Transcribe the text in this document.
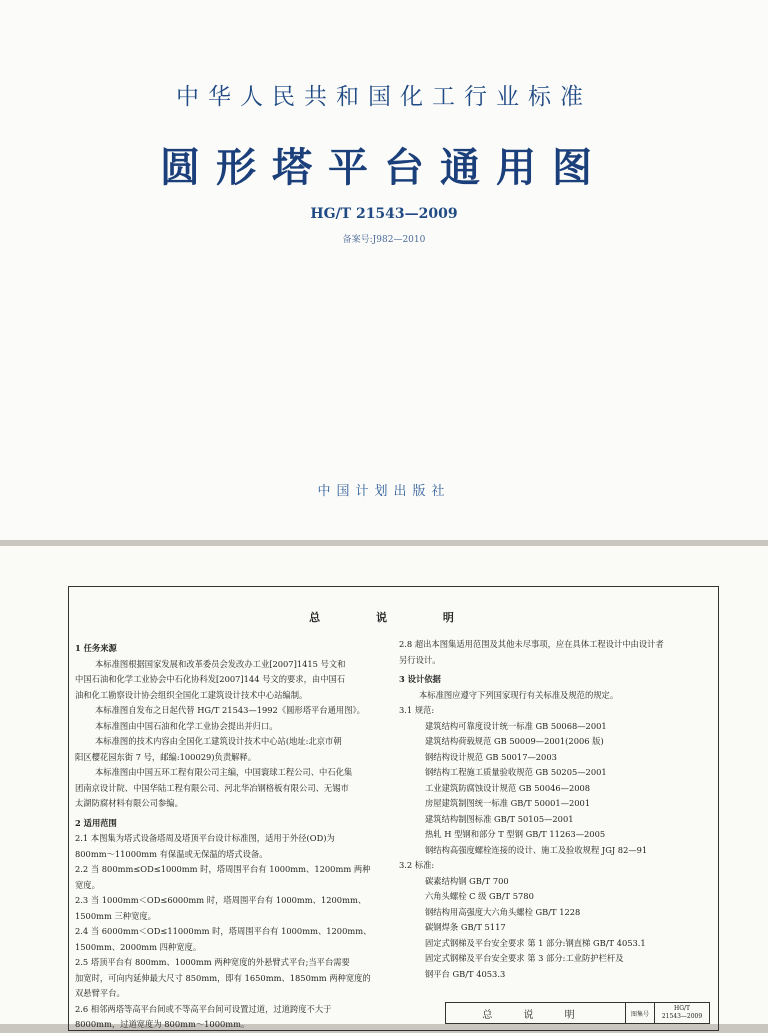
中华人民共和国化工行业标准
圆形塔平台通用图
HG/T 21543—2009
备案号:J982—2010
中国计划出版社
总 说 明

1 任务来源

本标准图根据国家发展和改革委员会发改办工业[2007]1415 号文和

中国石油和化学工业协会中石化协科发[2007]144 号文的要求，由中国石

油和化工勘察设计协会组织全国化工建筑设计技术中心站编制。

本标准图自发布之日起代替 HG/T 21543—1992《圆形塔平台通用图》。

本标准图由中国石油和化学工业协会提出并归口。

本标准图的技术内容由全国化工建筑设计技术中心站(地址:北京市朝

阳区樱花园东街 7 号，邮编:100029)负责解释。

本标准图由中国五环工程有限公司主编，中国寰球工程公司、中石化集

团南京设计院、中国华陆工程有限公司、河北华冶钢格板有限公司、无锡市

太湖防腐材料有限公司参编。

2 适用范围

2.1 本图集为塔式设备塔周及塔顶平台设计标准图，适用于外径(OD)为

800mm～11000mm 有保温或无保温的塔式设备。

2.2 当 800mm≤OD≤1000mm 时，塔周围平台有 1000mm、1200mm 两种

宽度。

2.3 当 1000mm＜OD≤6000mm 时，塔周围平台有 1000mm、1200mm、

1500mm 三种宽度。

2.4 当 6000mm＜OD≤11000mm 时，塔周围平台有 1000mm、1200mm、

1500mm、2000mm 四种宽度。

2.5 塔顶平台有 800mm、1000mm 两种宽度的外悬臂式平台;当平台需要

加宽时，可向内延伸最大尺寸 850mm，即有 1650mm、1850mm 两种宽度的

双悬臂平台。

2.6 相邻两塔等高平台间或不等高平台间可设置过道，过道跨度不大于

8000mm，过道宽度为 800mm～1000mm。

2.8 超出本图集适用范围及其他未尽事项，应在具体工程设计中由设计者

另行设计。

3 设计依据

本标准图应遵守下列国家现行有关标准及规范的规定。

3.1 规范:

建筑结构可靠度设计统一标准 GB 50068—2001

建筑结构荷载规范 GB 50009—2001(2006 版)

钢结构设计规范 GB 50017—2003

钢结构工程施工质量验收规范 GB 50205—2001

工业建筑防腐蚀设计规范 GB 50046—2008

房屋建筑制图统一标准 GB/T 50001—2001

建筑结构制图标准 GB/T 50105—2001

热轧 H 型钢和部分 T 型钢 GB/T 11263—2005

钢结构高强度螺栓连接的设计、施工及验收规程 JGJ 82—91

3.2 标准:

碳素结构钢 GB/T 700

六角头螺栓 C 级 GB/T 5780

钢结构用高强度大六角头螺栓 GB/T 1228

碳钢焊条 GB/T 5117

固定式钢梯及平台安全要求 第 1 部分:钢直梯 GB/T 4053.1

固定式钢梯及平台安全要求 第 3 部分:工业防护栏杆及

钢平台 GB/T 4053.3

总 说 明	图集号
HG/T
21543—2009
